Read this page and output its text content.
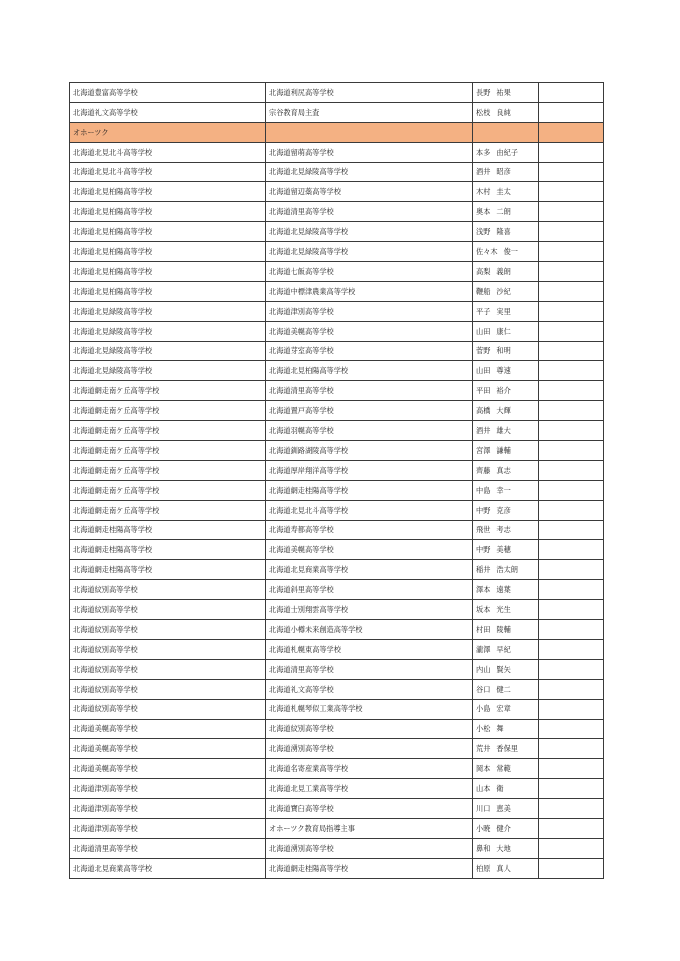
北海道豊富高等学校	北海道利尻高等学校	長野 祐果	
北海道礼文高等学校	宗谷教育局主査	松枝 良純	
オホーツク			
北海道北見北斗高等学校	北海道留萌高等学校	本多 由紀子	
北海道北見北斗高等学校	北海道北見緑陵高等学校	酒井 昭彦	
北海道北見柏陽高等学校	北海道留辺蘂高等学校	木村 圭太	
北海道北見柏陽高等学校	北海道清里高等学校	奥本 二朗	
北海道北見柏陽高等学校	北海道北見緑陵高等学校	浅野 隆喜	
北海道北見柏陽高等学校	北海道北見緑陵高等学校	佐々木 俊一	
北海道北見柏陽高等学校	北海道七飯高等学校	高梨 義朗	
北海道北見柏陽高等学校	北海道中標津農業高等学校	鞭船 沙紀	
北海道北見緑陵高等学校	北海道津別高等学校	平子 実里	
北海道北見緑陵高等学校	北海道美幌高等学校	山田 康仁	
北海道北見緑陵高等学校	北海道芽室高等学校	菅野 和明	
北海道北見緑陵高等学校	北海道北見柏陽高等学校	山田 尊速	
北海道網走南ケ丘高等学校	北海道清里高等学校	平田 裕介	
北海道網走南ケ丘高等学校	北海道置戸高等学校	高橋 大輝	
北海道網走南ケ丘高等学校	北海道羽幌高等学校	酒井 雄大	
北海道網走南ケ丘高等学校	北海道釧路湖陵高等学校	宮澤 謙輔	
北海道網走南ケ丘高等学校	北海道厚岸翔洋高等学校	齊藤 真志	
北海道網走南ケ丘高等学校	北海道網走桂陽高等学校	中島 幸一	
北海道網走南ケ丘高等学校	北海道北見北斗高等学校	中野 克彦	
北海道網走桂陽高等学校	北海道寿都高等学校	飛世 考志	
北海道網走桂陽高等学校	北海道美幌高等学校	中野 美穂	
北海道網走桂陽高等学校	北海道北見商業高等学校	稲井 浩太朗	
北海道紋別高等学校	北海道斜里高等学校	澤本 遠葉	
北海道紋別高等学校	北海道士別翔雲高等学校	坂本 光生	
北海道紋別高等学校	北海道小樽未来創造高等学校	村田 陵輔	
北海道紋別高等学校	北海道札幌東高等学校	瀧澤 早紀	
北海道紋別高等学校	北海道清里高等学校	内山 賢矢	
北海道紋別高等学校	北海道礼文高等学校	谷口 健二	
北海道紋別高等学校	北海道札幌琴似工業高等学校	小島 宏章	
北海道美幌高等学校	北海道紋別高等学校	小松 舞	
北海道美幌高等学校	北海道湧別高等学校	荒井 香保里	
北海道美幌高等学校	北海道名寄産業高等学校	岡本 常範	
北海道津別高等学校	北海道北見工業高等学校	山本 衛	
北海道津別高等学校	北海道寶臼高等学校	川口 恵美	
北海道津別高等学校	オホーツク教育局指導主事	小暁 健介	
北海道清里高等学校	北海道湧別高等学校	鼻和 大地	
北海道北見商業高等学校	北海道網走桂陽高等学校	柏原 真人	
